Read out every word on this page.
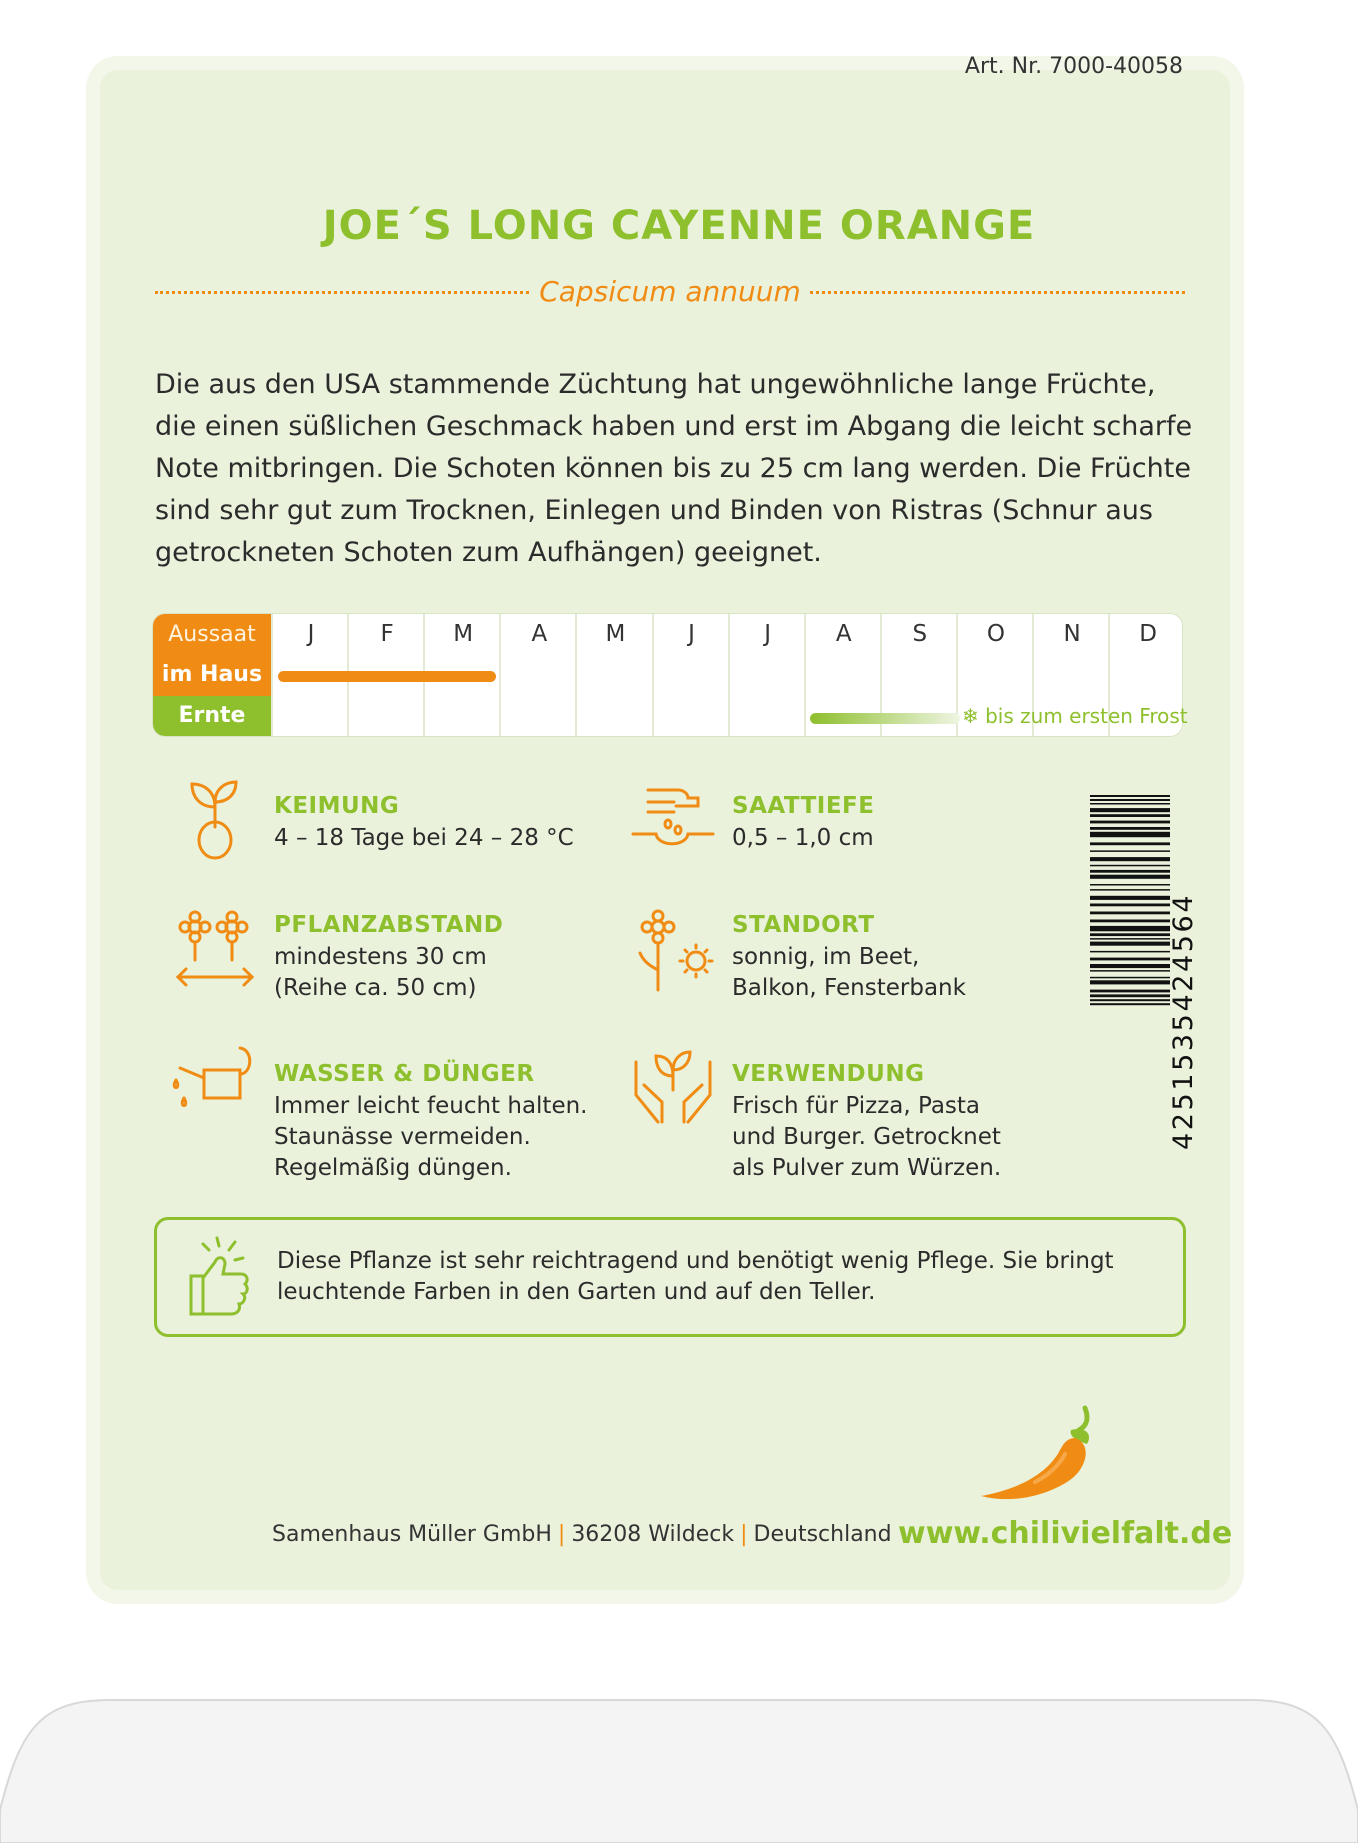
Art. Nr. 7000-40058
JOE´S LONG CAYENNE ORANGE
Capsicum annuum
Die aus den USA stammende Züchtung hat ungewöhnliche lange Früchte, die einen süßlichen Geschmack haben und erst im Abgang die leicht scharfe Note mitbringen. Die Schoten können bis zu 25 cm lang werden. Die Früchte sind sehr gut zum Trocknen, Einlegen und Binden von Ristras (Schnur aus getrockneten Schoten zum Aufhängen) geeignet.
Aussaat
im Haus
Ernte
J	F	M	A	M	J	J	A	S	O	N	D
❄ bis zum ersten Frost
KEIMUNG

4 – 18 Tage bei 24 – 28 °C

SAATTIEFE

0,5 – 1,0 cm

PFLANZABSTAND

mindestens 30 cm
(Reihe ca. 50 cm)

STANDORT

sonnig, im Beet,
Balkon, Fensterbank

WASSER & DÜNGER

Immer leicht feucht halten.
Staunässe vermeiden.
Regelmäßig düngen.

VERWENDUNG

Frisch für Pizza, Pasta
und Burger. Getrocknet
als Pulver zum Würzen.

4251535424564

Diese Pflanze ist sehr reichtragend und benötigt wenig Pflege. Sie bringt leuchtende Farben in den Garten und auf den Teller.

Samenhaus Müller GmbH | 36208 Wildeck | Deutschland www.chilivielfalt.de
